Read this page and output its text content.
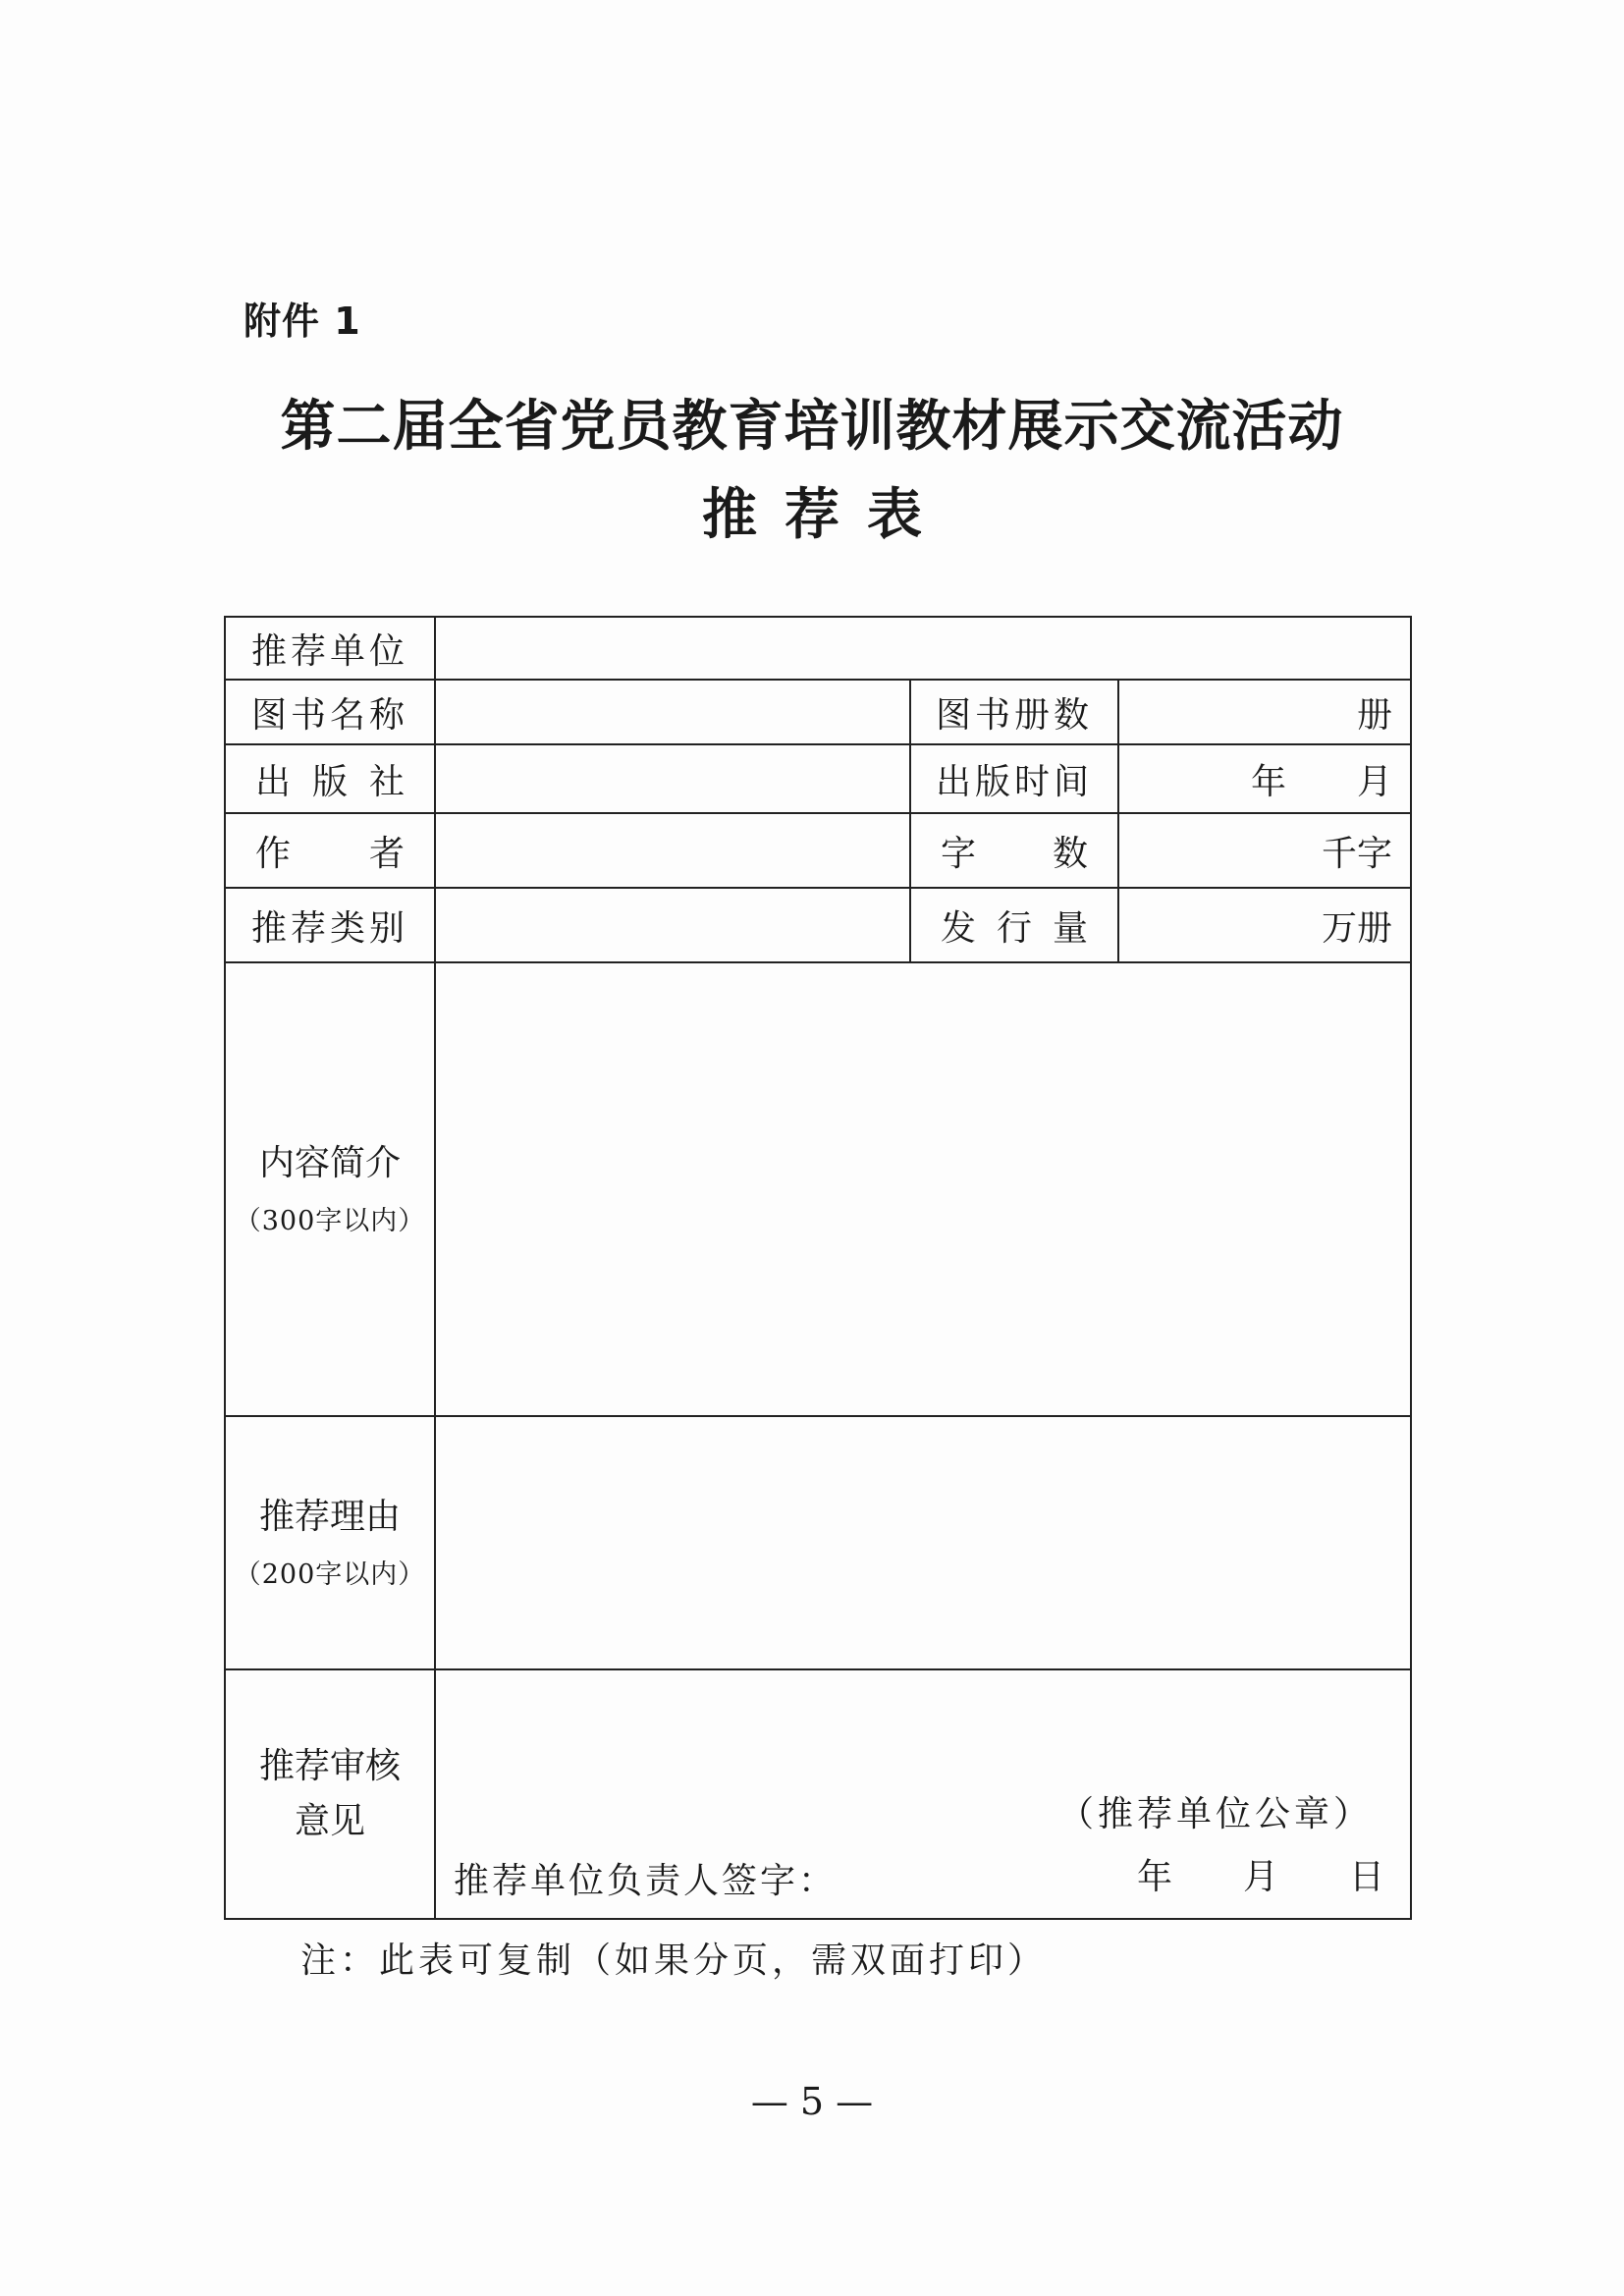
附件 1
第二届全省党员教育培训教材展示交流活动
推荐表
推荐单位			
图书名称		图书册数	册
出版社		出版时间	年　　月
作者		字数	千字
推荐类别		发行量	万册
内容简介
（300字以内）			

推荐理由
（200字以内）			

推荐审核
意见	（推荐单位公章）
推荐单位负责人签字： 年　　月　　日		
注：此表可复制（如果分页，需双面打印）
— 5 —
